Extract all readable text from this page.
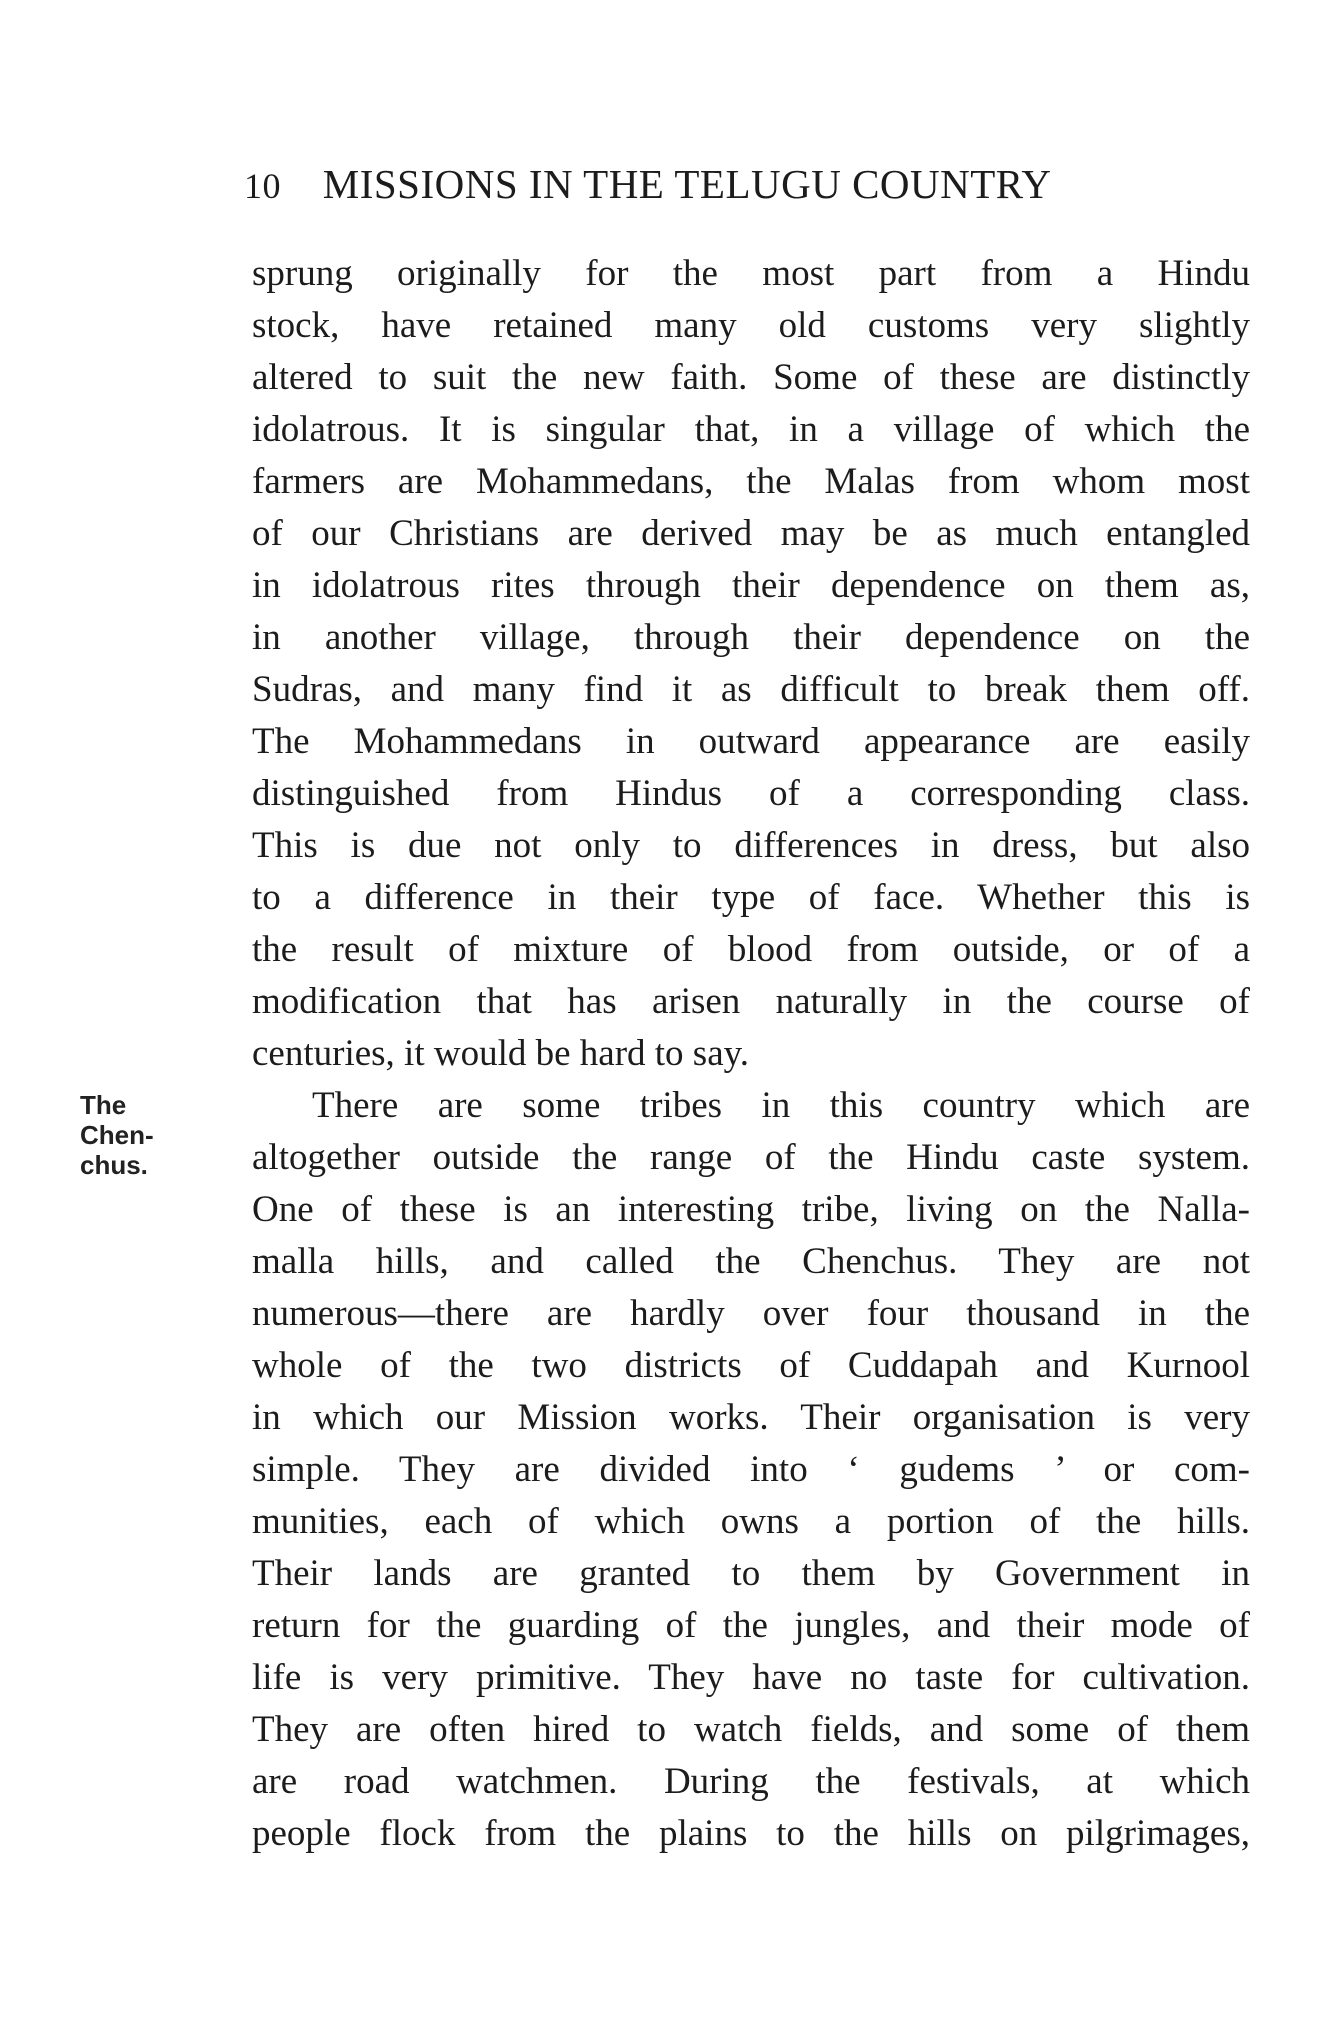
10 MISSIONS IN THE TELUGU COUNTRY
The
Chen-
chus.
sprung originally for the most part from a Hindu
stock, have retained many old customs very slightly
altered to suit the new faith. Some of these are distinctly
idolatrous. It is singular that, in a village of which the
farmers are Mohammedans, the Malas from whom most
of our Christians are derived may be as much entangled
in idolatrous rites through their dependence on them as,
in another village, through their dependence on the
Sudras, and many find it as difficult to break them off.
The Mohammedans in outward appearance are easily
distinguished from Hindus of a corresponding class.
This is due not only to differences in dress, but also
to a difference in their type of face. Whether this is
the result of mixture of blood from outside, or of a
modification that has arisen naturally in the course of
centuries, it would be hard to say.
There are some tribes in this country which are
altogether outside the range of the Hindu caste system.
One of these is an interesting tribe, living on the Nalla-
malla hills, and called the Chenchus. They are not
numerous—there are hardly over four thousand in the
whole of the two districts of Cuddapah and Kurnool
in which our Mission works. Their organisation is very
simple. They are divided into ‘ gudems ’ or com-
munities, each of which owns a portion of the hills.
Their lands are granted to them by Government in
return for the guarding of the jungles, and their mode of
life is very primitive. They have no taste for cultivation.
They are often hired to watch fields, and some of them
are road watchmen. During the festivals, at which
people flock from the plains to the hills on pilgrimages,
